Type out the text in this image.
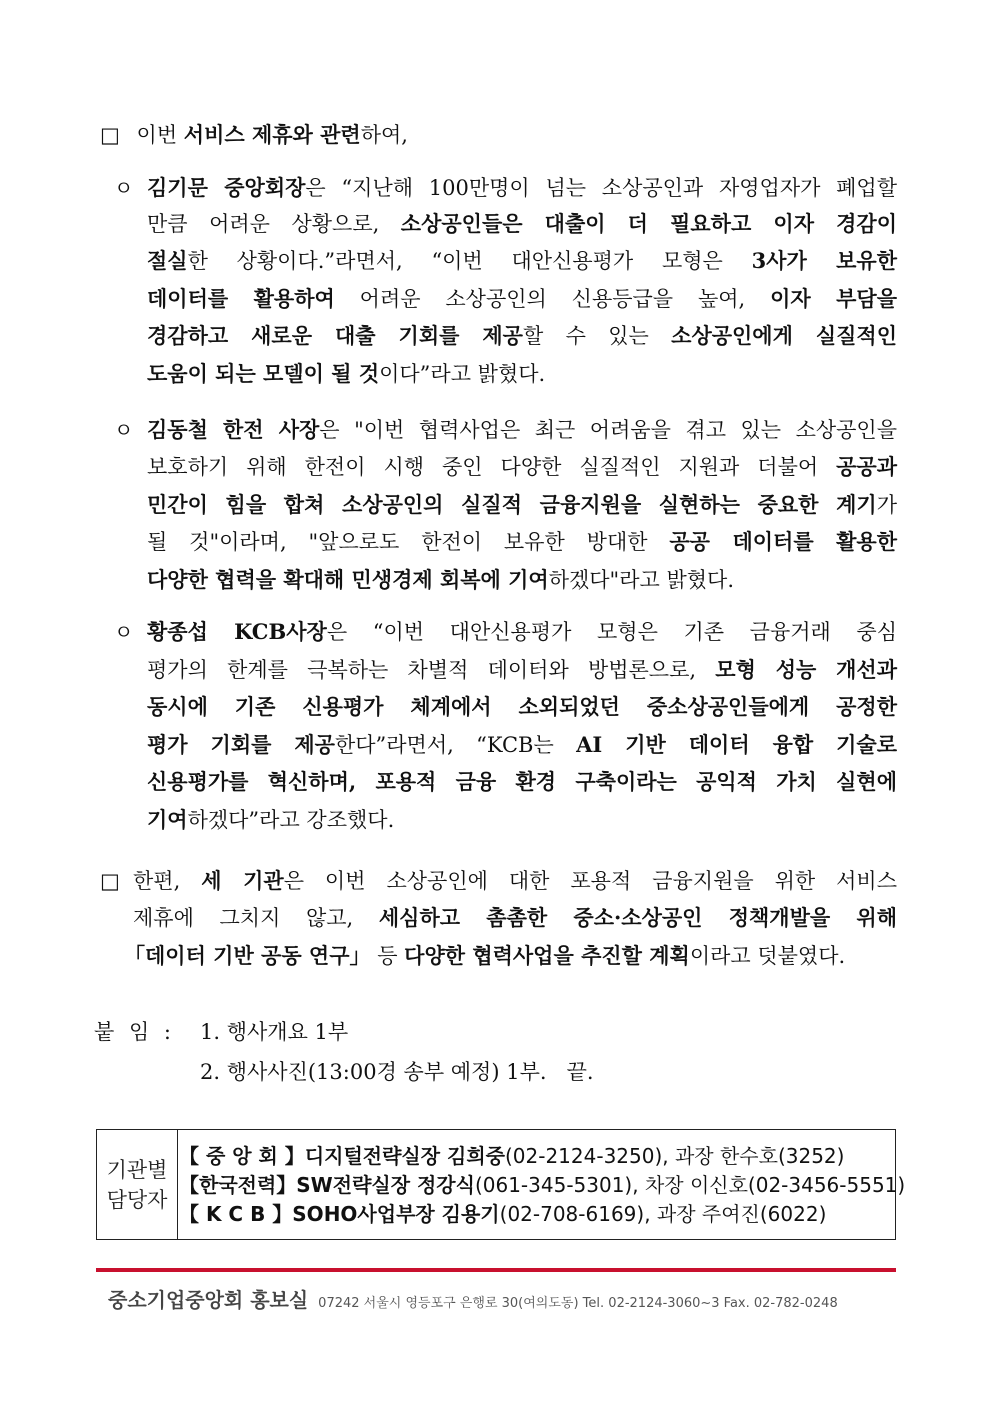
□ 이번 서비스 제휴와 관련하여,
ㅇ 김기문 중앙회장은 “지난해 100만명이 넘는 소상공인과 자영업자가 폐업할
만큼 어려운 상황으로, 소상공인들은 대출이 더 필요하고 이자 경감이
절실한 상황이다.”라면서, “이번 대안신용평가 모형은 3사가 보유한
데이터를 활용하여 어려운 소상공인의 신용등급을 높여, 이자 부담을
경감하고 새로운 대출 기회를 제공할 수 있는 소상공인에게 실질적인
도움이 되는 모델이 될 것이다”라고 밝혔다.
ㅇ 김동철 한전 사장은 "이번 협력사업은 최근 어려움을 겪고 있는 소상공인을
보호하기 위해 한전이 시행 중인 다양한 실질적인 지원과 더불어 공공과
민간이 힘을 합쳐 소상공인의 실질적 금융지원을 실현하는 중요한 계기가
될 것"이라며, "앞으로도 한전이 보유한 방대한 공공 데이터를 활용한
다양한 협력을 확대해 민생경제 회복에 기여하겠다"라고 밝혔다.
ㅇ 황종섭 KCB사장은 “이번 대안신용평가 모형은 기존 금융거래 중심
평가의 한계를 극복하는 차별적 데이터와 방법론으로, 모형 성능 개선과
동시에 기존 신용평가 체계에서 소외되었던 중소상공인들에게 공정한
평가 기회를 제공한다”라면서, “KCB는 AI 기반 데이터 융합 기술로
신용평가를 혁신하며, 포용적 금융 환경 구축이라는 공익적 가치 실현에
기여하겠다”라고 강조했다.
□ 한편, 세 기관은 이번 소상공인에 대한 포용적 금융지원을 위한 서비스
제휴에 그치지 않고, 세심하고 촘촘한 중소·소상공인 정책개발을 위해
「데이터 기반 공동 연구」 등 다양한 협력사업을 추진할 계획이라고 덧붙였다.
붙 임 : 1. 행사개요 1부
2. 행사사진(13:00경 송부 예정) 1부.   끝.
기관별
담당자
【 중 앙 회 】디지털전략실장 김희중(02-2124-3250), 과장 한수호(3252)
【한국전력】SW전략실장 정강식(061-345-5301), 차장 이신호(02-3456-5551)
【 K C B 】SOHO사업부장 김용기(02-708-6169), 과장 주여진(6022)
중소기업중앙회 홍보실 07242 서울시 영등포구 은행로 30(여의도동) Tel. 02-2124-3060~3 Fax. 02-782-0248
